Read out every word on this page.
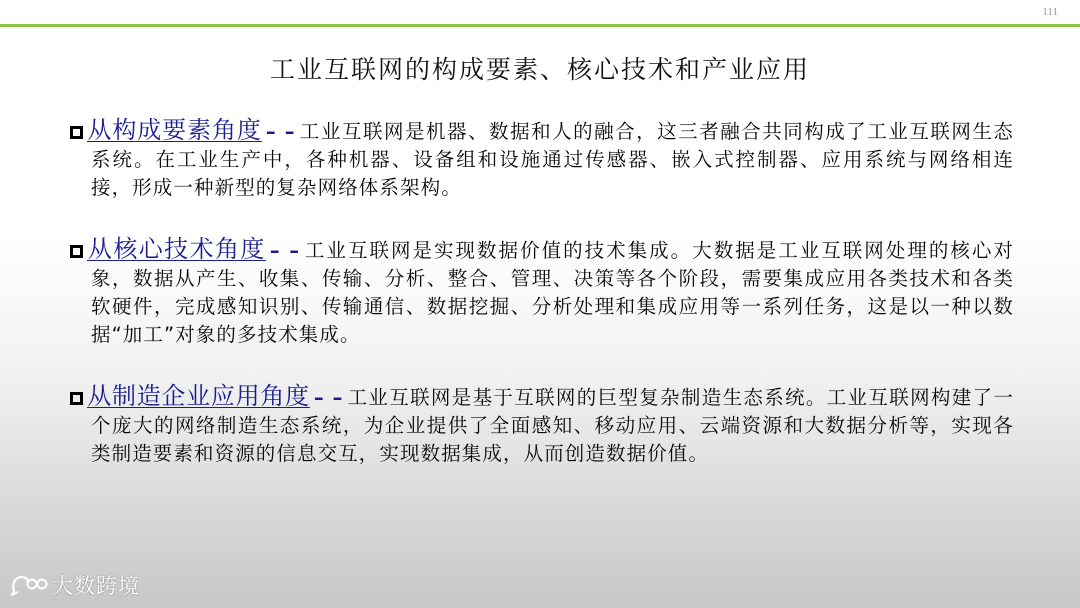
111
工业互联网的构成要素、核心技术和产业应用

从构成要素角度 – – 工业互联网是机器、数据和人的融合，这三者融合共同构成了工业互联网生态系统。在工业生产中，各种机器、设备组和设施通过传感器、嵌入式控制器、应用系统与网络相连接，形成一种新型的复杂网络体系架构。

从核心技术角度 – – 工业互联网是实现数据价值的技术集成。大数据是工业互联网处理的核心对象，数据从产生、收集、传输、分析、整合、管理、决策等各个阶段，需要集成应用各类技术和各类软硬件，完成感知识别、传输通信、数据挖掘、分析处理和集成应用等一系列任务，这是以一种以数据“加工”对象的多技术集成。

从制造企业应用角度 – – 工业互联网是基于互联网的巨型复杂制造生态系统。工业互联网构建了一个庞大的网络制造生态系统，为企业提供了全面感知、移动应用、云端资源和大数据分析等，实现各类制造要素和资源的信息交互，实现数据集成，从而创造数据价值。

大数跨境
